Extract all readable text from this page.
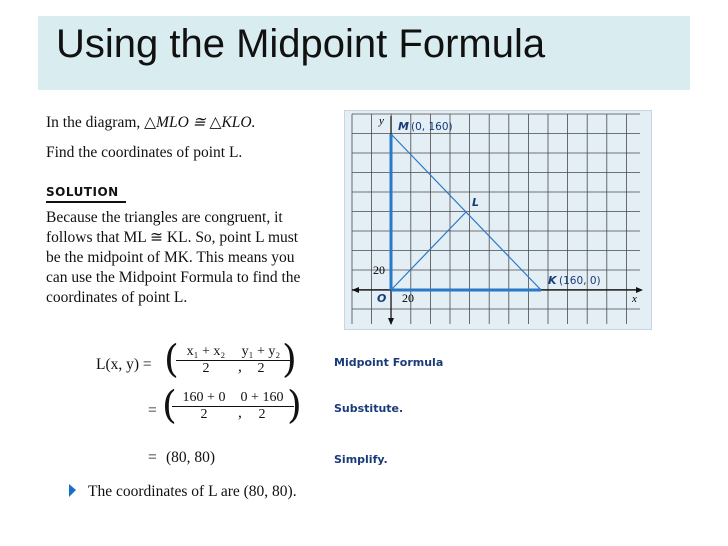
Using the Midpoint Formula
In the diagram, △MLO ≅ △KLO.
Find the coordinates of point L.
SOLUTION
Because the triangles are congruent, it
follows that ML ≅ KL. So, point L must
be the midpoint of MK. This means you
can use the Midpoint Formula to find the
coordinates of point L.
L(x, y) = (
$\frac{\text{x₁ + x₂}}{2}$ ,
$\frac{\text{y₁ + y₂}}{2}$
)	Midpoint Formula
= (
$\frac{160 + 0}{2}$ ,
$\frac{0 + 160}{2}$
)	Substitute.
= (80, 80)	Simplify.
The coordinates of L are (80, 80).
y
x
O 20
20
M (0, 160)
L
K (160, 0)
